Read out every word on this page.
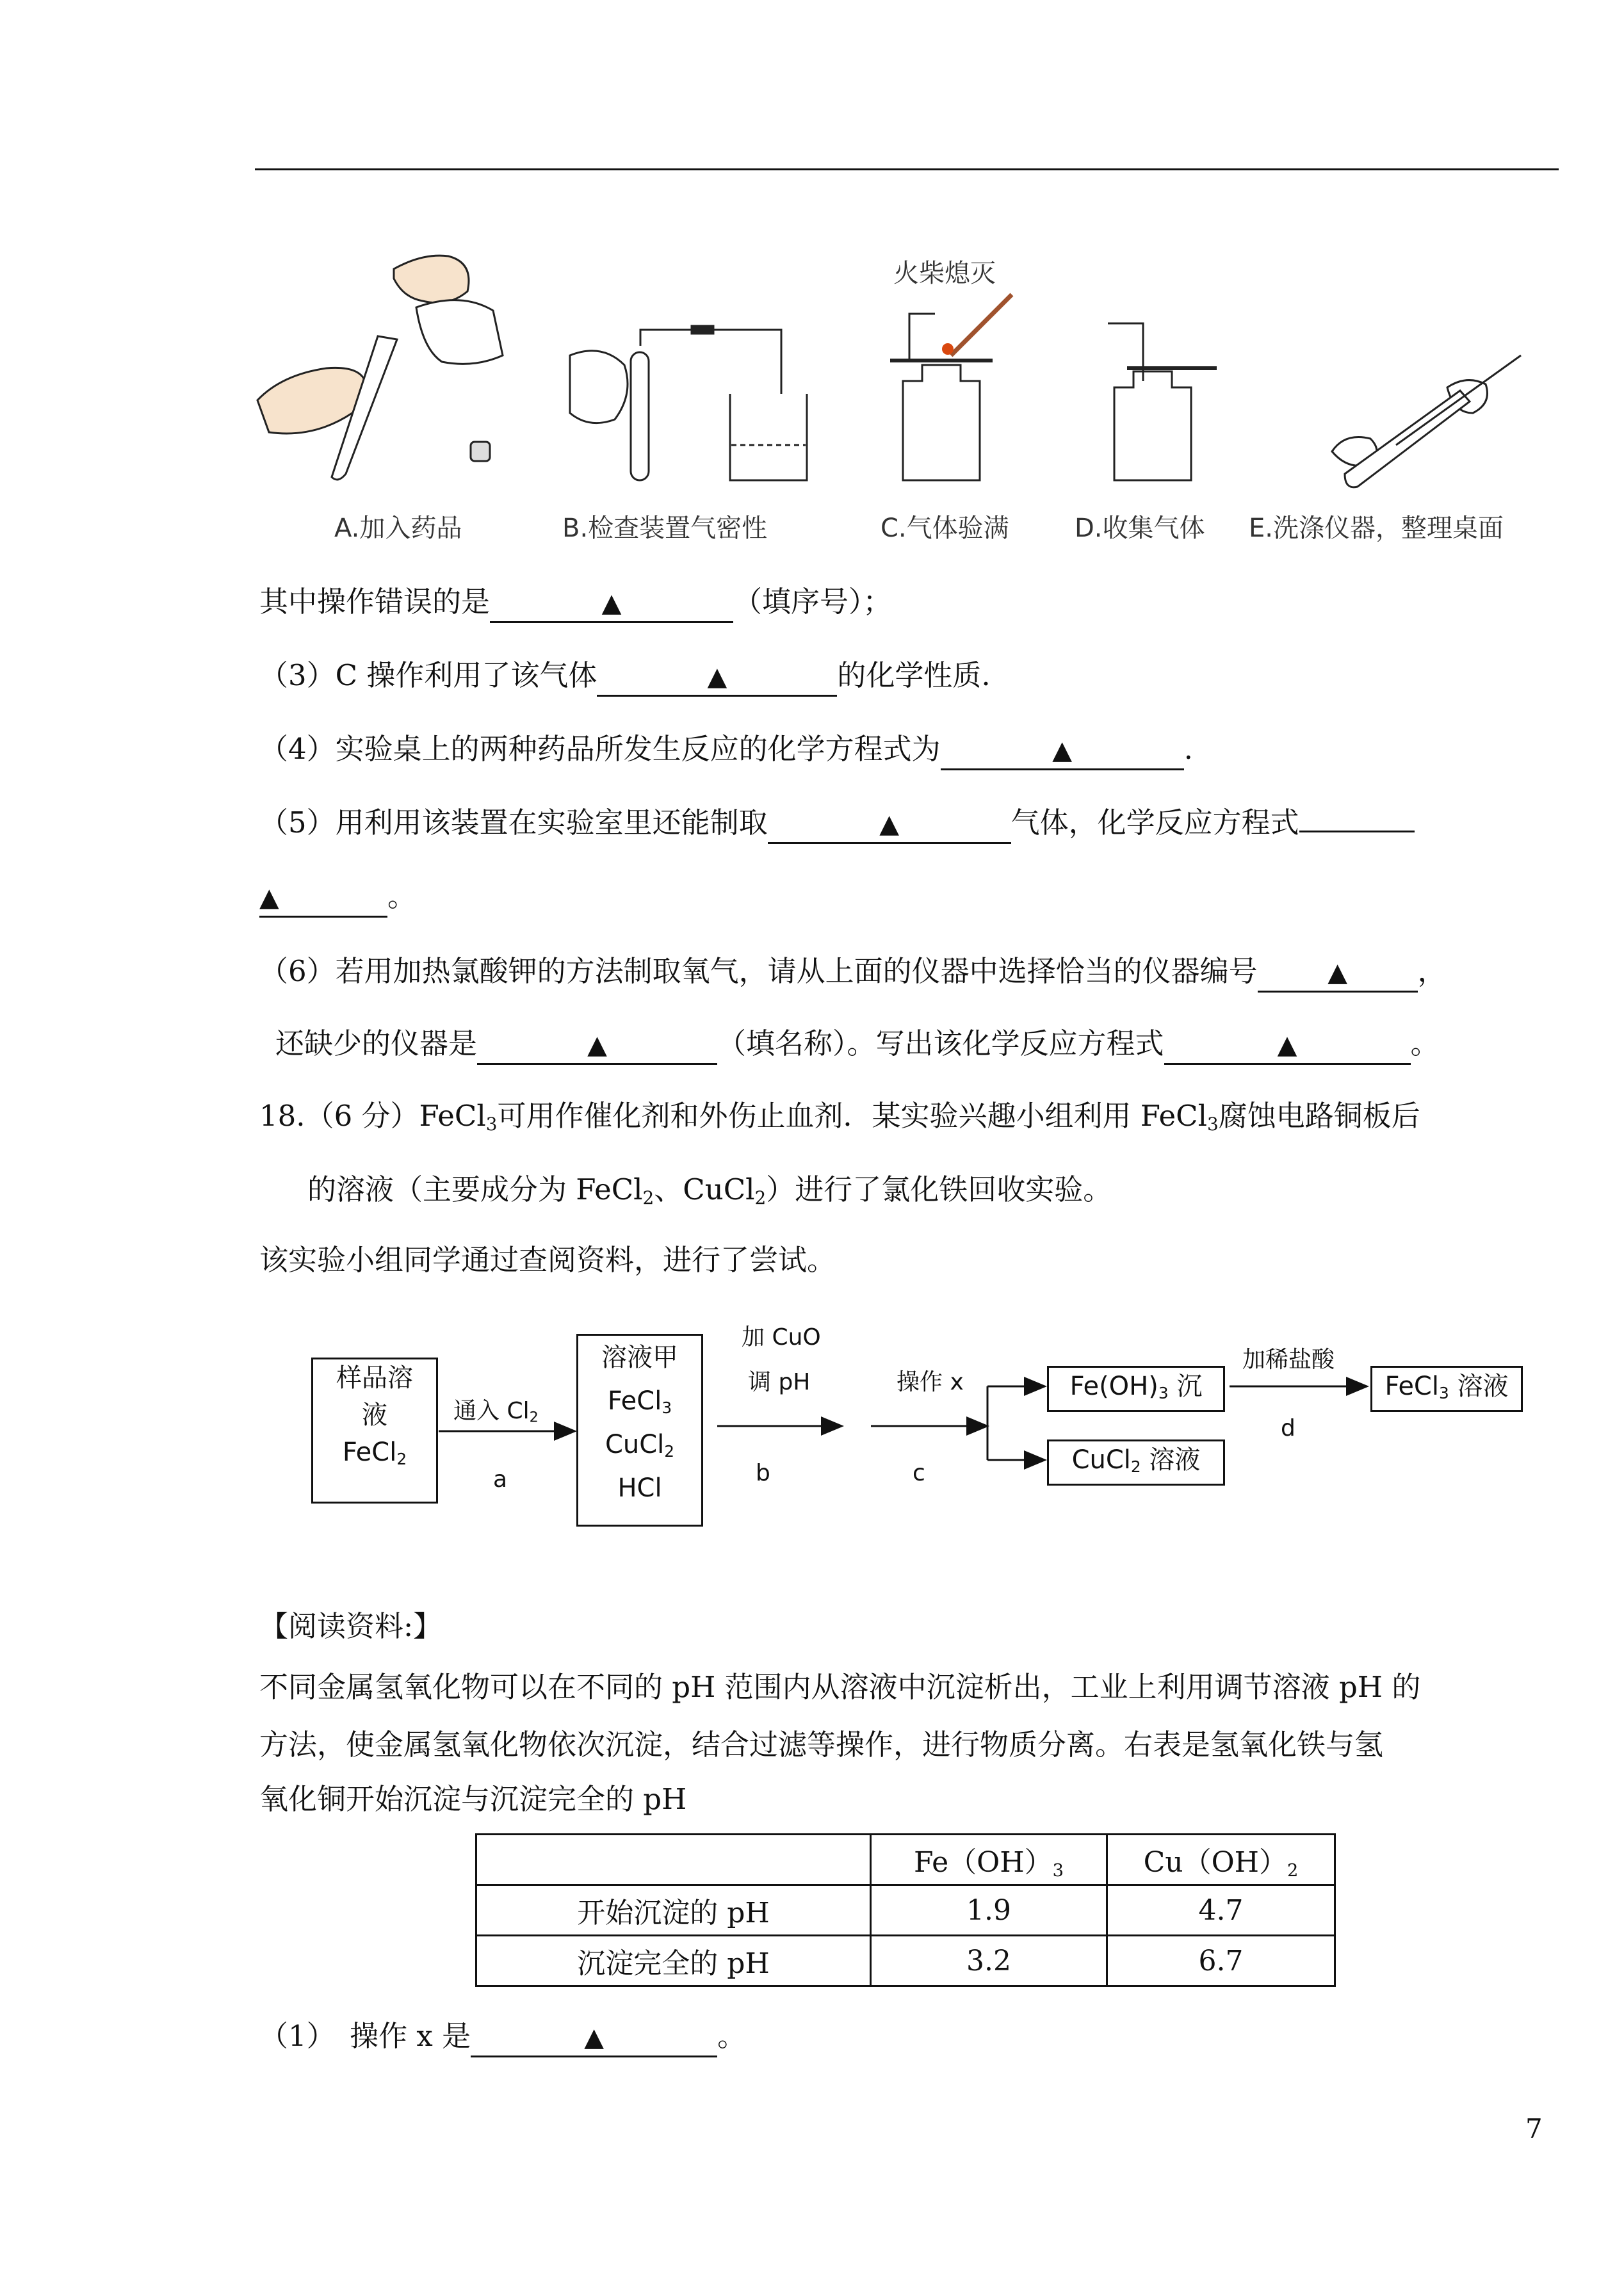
火柴熄灭
A.加入药品	B.检查装置气密性	C.气体验满	D.收集气体 E.洗涤仪器，整理桌面
其中操作错误的是	▲	（填序号）；
（3）C 操作利用了该气体	▲	的化学性质.
（4）实验桌上的两种药品所发生反应的化学方程式为	▲	.
（5）用利用该装置在实验室里还能制取	▲	气体，化学反应方程式
▲	。
（6）若用加热氯酸钾的方法制取氧气，请从上面的仪器中选择恰当的仪器编号	▲ ，
还缺少的仪器是	▲	（填名称）。写出该化学反应方程式	▲	。
18.（6 分）FeCl$_3$可用作催化剂和外伤止血剂．某实验兴趣小组利用 FeCl$_3$腐蚀电路铜板后
的溶液（主要成分为 FeCl$_2$、CuCl$_2$）进行了氯化铁回收实验。
该实验小组同学通过查阅资料，进行了尝试。
样品溶
液
FeCl$_2$
通入 $Cl_2$
a
溶液甲
FeCl$_3$
CuCl$_2$
HCl
加 CuO
调 pH
b
操作 x
c
$Fe(OH)_3$ 沉
CuCl$_2$ 溶液
加稀盐酸
d
FeCl$_3$ 溶液
【阅读资料:】
不同金属氢氧化物可以在不同的 pH 范围内从溶液中沉淀析出，工业上利用调节溶液 pH 的
方法，使金属氢氧化物依次沉淀，结合过滤等操作，进行物质分离。右表是氢氧化铁与氢
氧化铜开始沉淀与沉淀完全的 pH
	$Fe(OH)_3$	$Cu(OH)_2$
开始沉淀的 pH	1.9	4.7
沉淀完全的 pH	3.2	6.7
（1）　操作 x 是	▲	。
7
